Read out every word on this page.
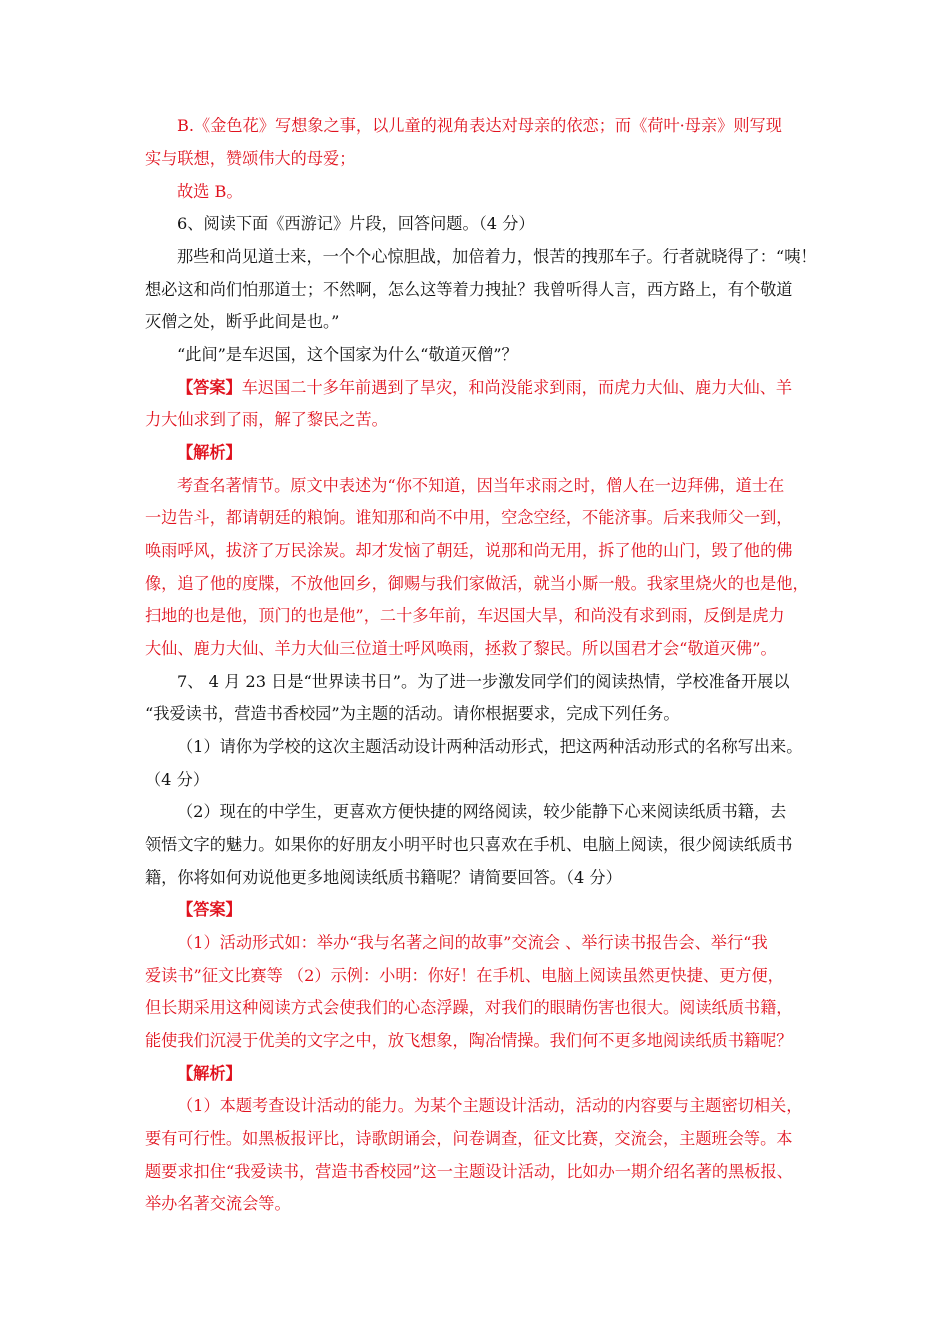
B.《金色花》写想象之事，以儿童的视角表达对母亲的依恋；而《荷叶·母亲》则写现
实与联想，赞颂伟大的母爱；
故选 B。
6、阅读下面《西游记》片段，回答问题。（4 分）
那些和尚见道士来，一个个心惊胆战，加倍着力，恨苦的拽那车子。行者就晓得了：“咦！
想必这和尚们怕那道士；不然啊，怎么这等着力拽扯？我曾听得人言，西方路上，有个敬道
灭僧之处，断乎此间是也。”
“此间”是车迟国，这个国家为什么“敬道灭僧”？
【答案】车迟国二十多年前遇到了旱灾，和尚没能求到雨，而虎力大仙、鹿力大仙、羊
力大仙求到了雨，解了黎民之苦。
【解析】
考查名著情节。原文中表述为“你不知道，因当年求雨之时，僧人在一边拜佛，道士在
一边告斗，都请朝廷的粮饷。谁知那和尚不中用，空念空经，不能济事。后来我师父一到，
唤雨呼风，拔济了万民涂炭。却才发恼了朝廷，说那和尚无用，拆了他的山门，毁了他的佛
像，追了他的度牒，不放他回乡，御赐与我们家做活，就当小厮一般。我家里烧火的也是他，
扫地的也是他，顶门的也是他”，二十多年前，车迟国大旱，和尚没有求到雨，反倒是虎力
大仙、鹿力大仙、羊力大仙三位道士呼风唤雨，拯救了黎民。所以国君才会“敬道灭佛”。
7、 4 月 23 日是“世界读书日”。为了进一步激发同学们的阅读热情，学校准备开展以
“我爱读书，营造书香校园”为主题的活动。请你根据要求，完成下列任务。
（1）请你为学校的这次主题活动设计两种活动形式，把这两种活动形式的名称写出来。
（4 分）
（2）现在的中学生，更喜欢方便快捷的网络阅读，较少能静下心来阅读纸质书籍，去
领悟文字的魅力。如果你的好朋友小明平时也只喜欢在手机、电脑上阅读，很少阅读纸质书
籍，你将如何劝说他更多地阅读纸质书籍呢？请简要回答。（4 分）
【答案】
（1）活动形式如：举办“我与名著之间的故事”交流会 、举行读书报告会、举行“我
爱读书”征文比赛等 （2）示例：小明：你好！在手机、电脑上阅读虽然更快捷、更方便，
但长期采用这种阅读方式会使我们的心态浮躁，对我们的眼睛伤害也很大。阅读纸质书籍，
能使我们沉浸于优美的文字之中，放飞想象，陶冶情操。我们何不更多地阅读纸质书籍呢？
【解析】
（1）本题考查设计活动的能力。为某个主题设计活动，活动的内容要与主题密切相关，
要有可行性。如黑板报评比，诗歌朗诵会，问卷调查，征文比赛，交流会，主题班会等。本
题要求扣住“我爱读书，营造书香校园”这一主题设计活动，比如办一期介绍名著的黑板报、
举办名著交流会等。
